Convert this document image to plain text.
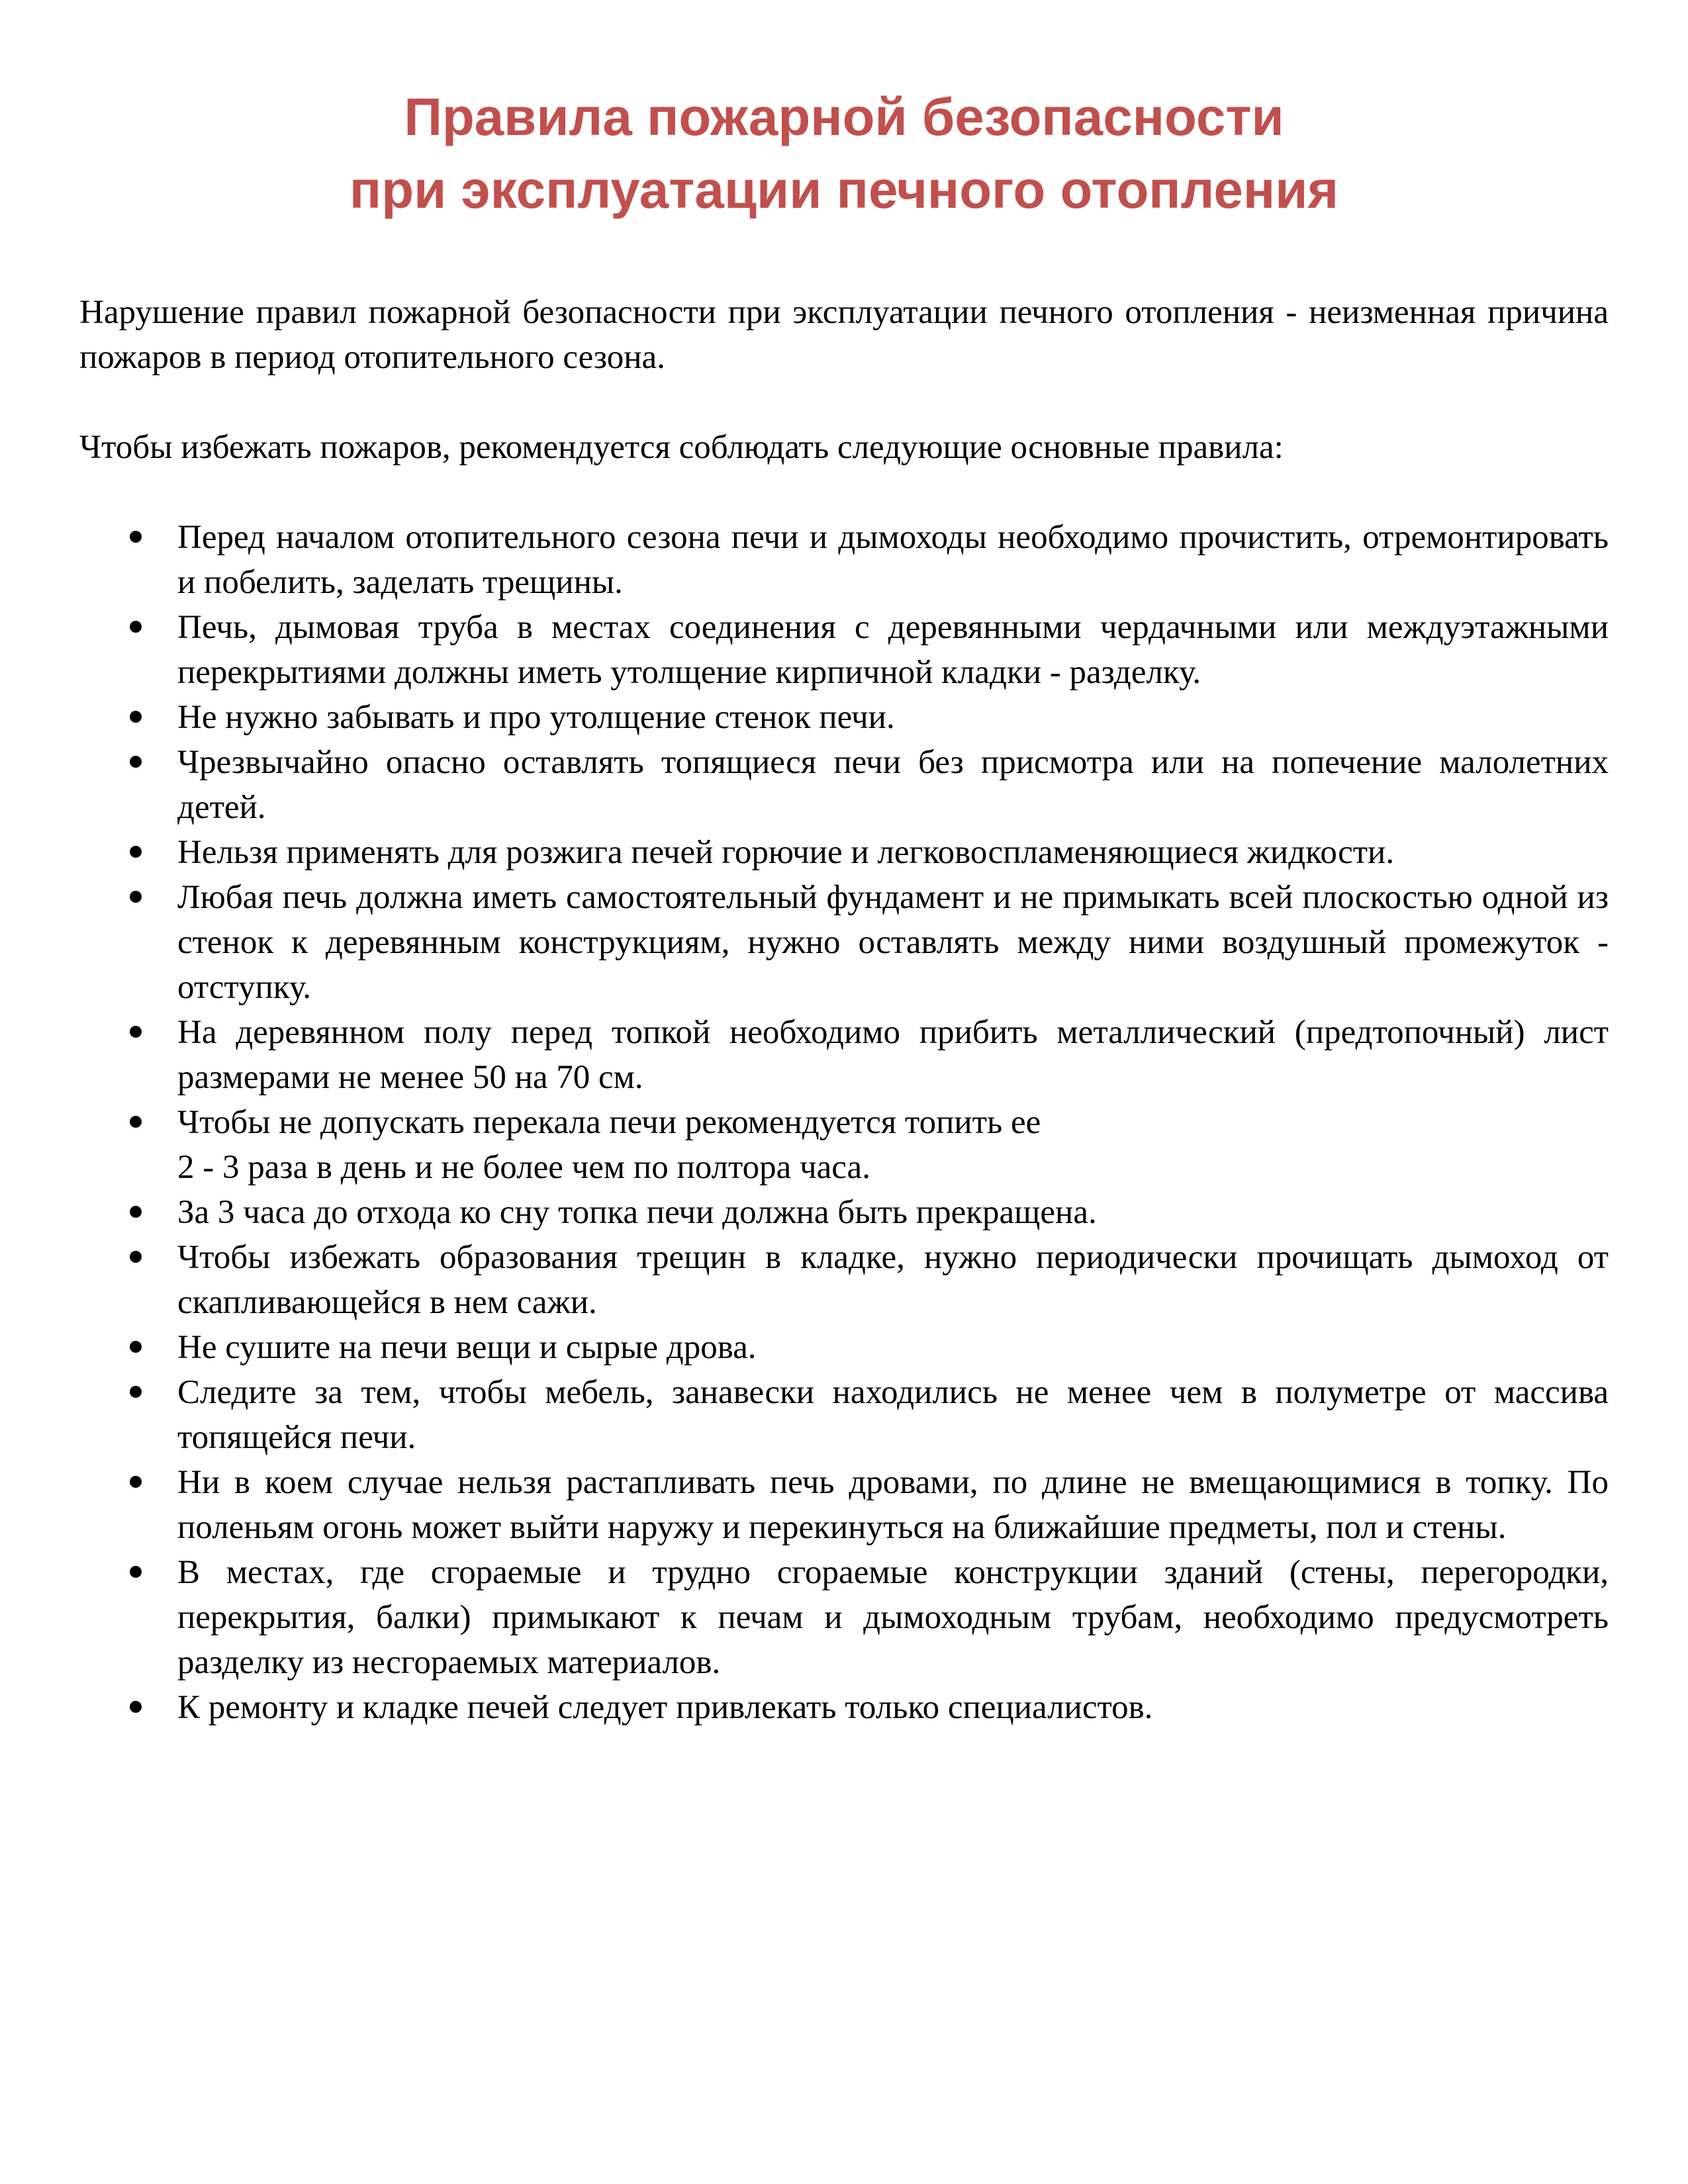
Правила пожарной безопасности
при эксплуатации печного отопления
Нарушение правил пожарной безопасности при эксплуатации печного отопления - неизменная причина пожаров в период отопительного сезона.
Чтобы избежать пожаров, рекомендуется соблюдать следующие основные правила:
Перед началом отопительного сезона печи и дымоходы необходимо прочистить, отремонтировать и побелить, заделать трещины.
Печь, дымовая труба в местах соединения с деревянными чердачными или междуэтажными перекрытиями должны иметь утолщение кирпичной кладки - разделку.
Не нужно забывать и про утолщение стенок печи.
Чрезвычайно опасно оставлять топящиеся печи без присмотра или на попечение малолетних детей.
Нельзя применять для розжига печей горючие и легковоспламеняющиеся жидкости.
Любая печь должна иметь самостоятельный фундамент и не примыкать всей плоскостью одной из стенок к деревянным конструкциям, нужно оставлять между ними воздушный промежуток - отступку.
На деревянном полу перед топкой необходимо прибить металлический (предтопочный) лист размерами не менее 50 на 70 см.
Чтобы не допускать перекала печи рекомендуется топить ее
2 - 3 раза в день и не более чем по полтора часа.
За 3 часа до отхода ко сну топка печи должна быть прекращена.
Чтобы избежать образования трещин в кладке, нужно периодически прочищать дымоход от скапливающейся в нем сажи.
Не сушите на печи вещи и сырые дрова.
Следите за тем, чтобы мебель, занавески находились не менее чем в полуметре от массива топящейся печи.
Ни в коем случае нельзя растапливать печь дровами, по длине не вмещающимися в топку. По поленьям огонь может выйти наружу и перекинуться на ближайшие предметы, пол и стены.
В местах, где сгораемые и трудно сгораемые конструкции зданий (стены, перегородки, перекрытия, балки) примыкают к печам и дымоходным трубам, необходимо предусмотреть разделку из несгораемых материалов.
К ремонту и кладке печей следует привлекать только специалистов.
